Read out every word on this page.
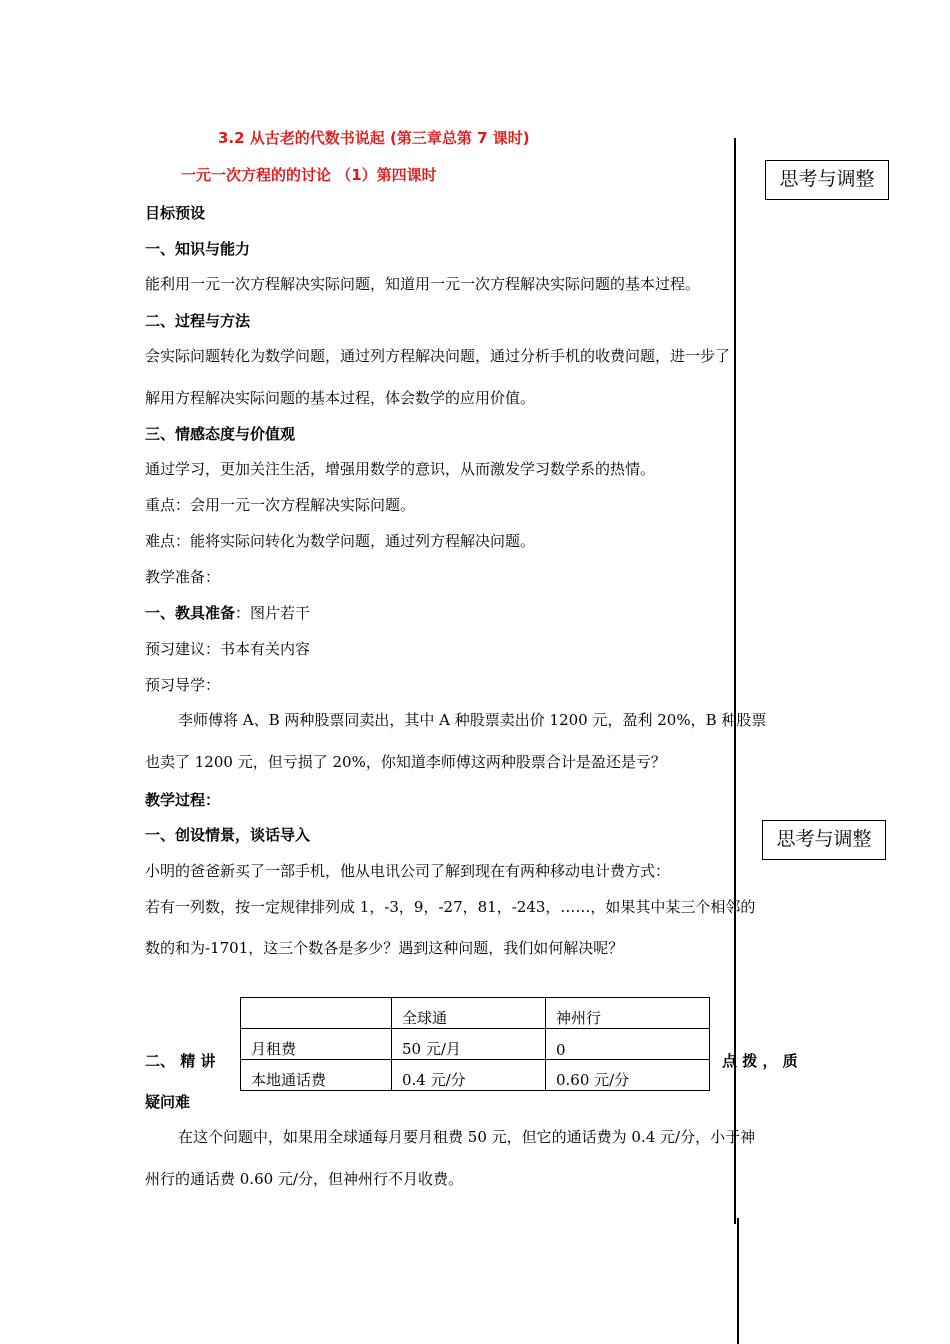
3.2 从古老的代数书说起 (第三章总第 7 课时)
一元一次方程的的讨论 （1）第四课时	思考与调整
思考与调整
目标预设
一、知识与能力
能利用一元一次方程解决实际问题，知道用一元一次方程解决实际问题的基本过程。
二、过程与方法
会实际问题转化为数学问题，通过列方程解决问题，通过分析手机的收费问题，进一步了
解用方程解决实际问题的基本过程，体会数学的应用价值。
三、情感态度与价值观
通过学习，更加关注生活，增强用数学的意识，从而激发学习数学系的热情。
重点：会用一元一次方程解决实际问题。
难点：能将实际问转化为数学问题，通过列方程解决问题。
教学准备：
一、教具准备：图片若干
预习建议：书本有关内容
预习导学：
李师傅将 A、B 两种股票同卖出，其中 A 种股票卖出价 1200 元，盈利 20%，B 种股票
也卖了 1200 元，但亏损了 20%，你知道李师傅这两种股票合计是盈还是亏？
教学过程：
一、创设情景，谈话导入
小明的爸爸新买了一部手机，他从电讯公司了解到现在有两种移动电计费方式：
若有一列数，按一定规律排列成 1，-3，9，-27，81，-243，……，如果其中某三个相邻的
数的和为-1701，这三个数各是多少？遇到这种问题，我们如何解决呢？
	全球通	神州行
月租费	50 元/月	0
本地通话费	0.4 元/分	0.60 元/分
二、 精 讲	点 拨 ， 质
疑问难
在这个问题中，如果用全球通每月要月租费 50 元，但它的通话费为 0.4 元/分，小于神
州行的通话费 0.60 元/分，但神州行不月收费。
